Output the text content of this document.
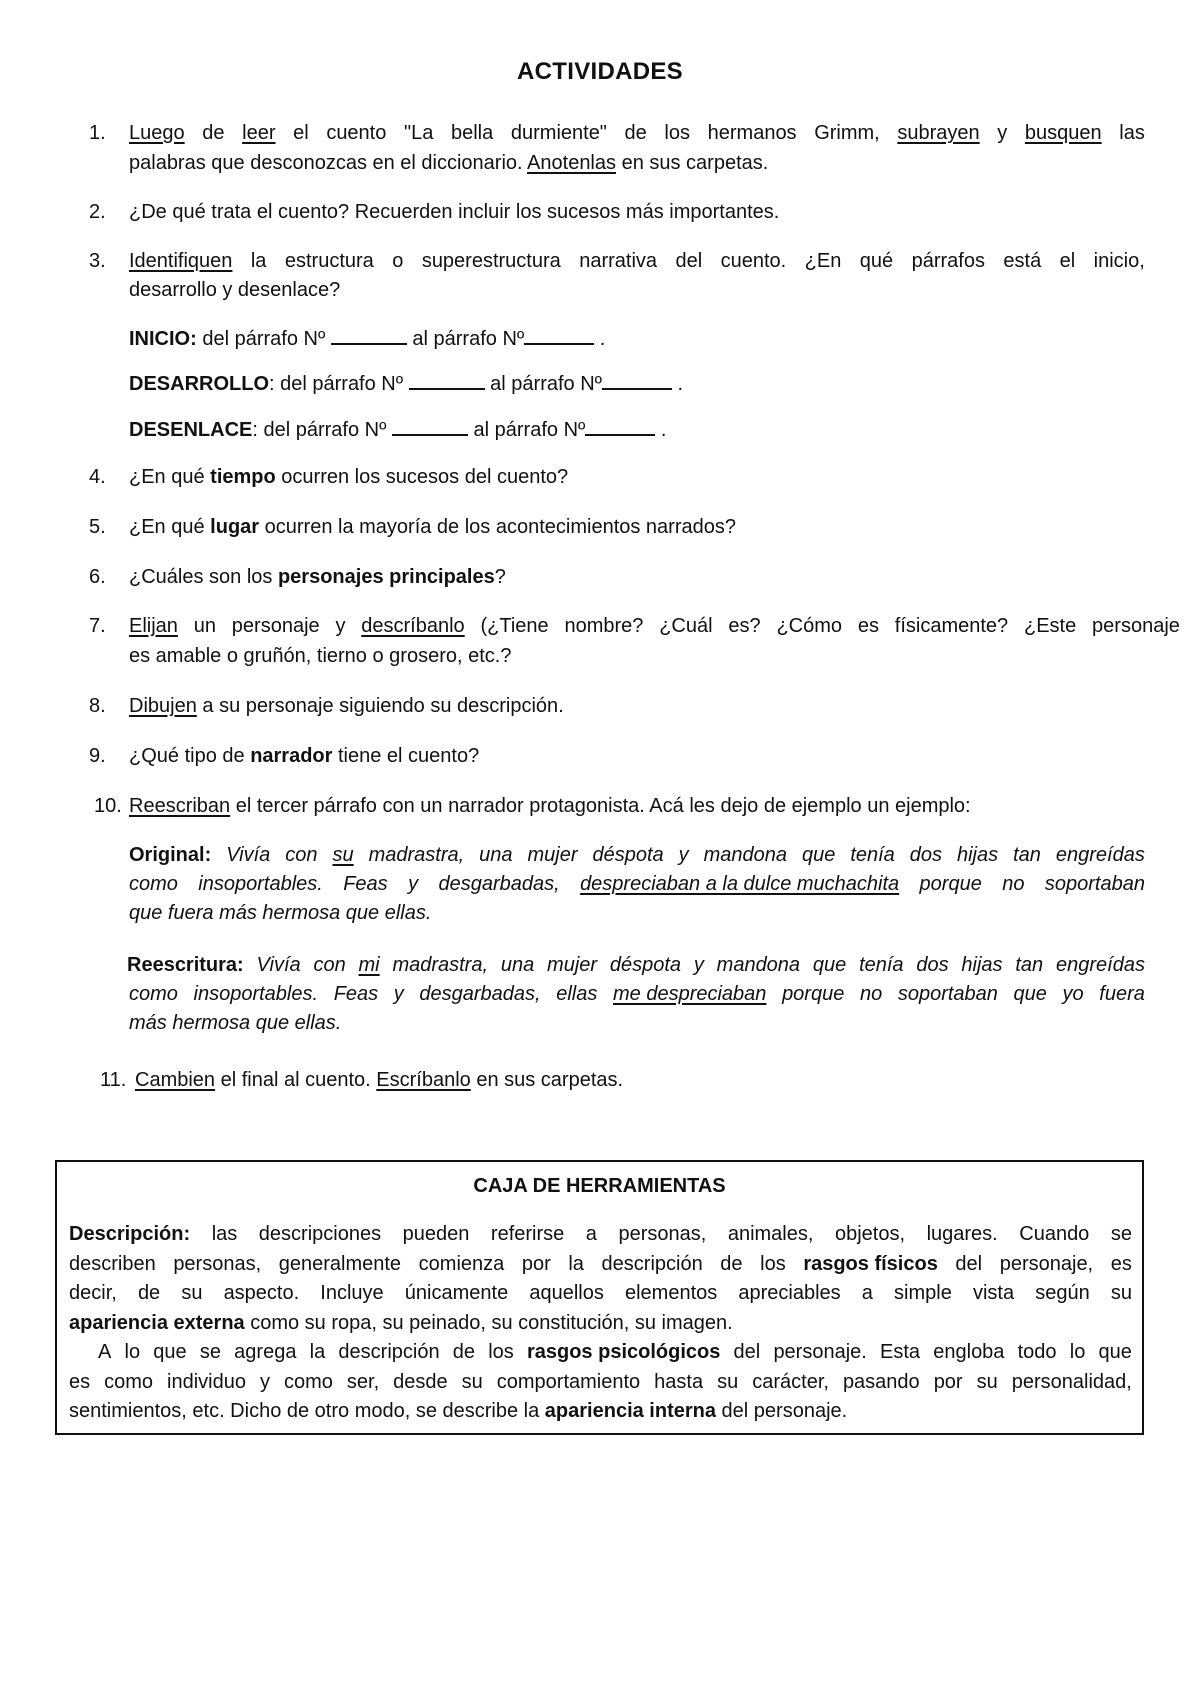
ACTIVIDADES
1.	Luego de leer el cuento "La bella durmiente" de los hermanos Grimm, subrayen y busquen las
palabras que desconozcas en el diccionario. Anotenlas en sus carpetas.
2.	¿De qué trata el cuento? Recuerden incluir los sucesos más importantes.
3.	Identifiquen la estructura o superestructura narrativa del cuento. ¿En qué párrafos está el inicio,
desarrollo y desenlace?
INICIO: del párrafo Nº	al párrafo Nº	.
DESARROLLO: del párrafo Nº	al párrafo Nº	.
DESENLACE: del párrafo Nº	al párrafo Nº	.
4.	¿En qué tiempo ocurren los sucesos del cuento?
5.	¿En qué lugar ocurren la mayoría de los acontecimientos narrados?
6.	¿Cuáles son los personajes principales?
7.	Elijan un personaje y descríbanlo (¿Tiene nombre? ¿Cuál es? ¿Cómo es físicamente? ¿Este personaje
es amable o gruñón, tierno o grosero, etc.?
8.	Dibujen a su personaje siguiendo su descripción.
9.	¿Qué tipo de narrador tiene el cuento?
10. Reescriban el tercer párrafo con un narrador protagonista. Acá les dejo de ejemplo un ejemplo:
Original: Vivía con su madrastra, una mujer déspota y mandona que tenía dos hijas tan engreídas
como insoportables. Feas y desgarbadas, despreciaban a la dulce muchachita porque no soportaban
que fuera más hermosa que ellas.
Reescritura: Vivía con mi madrastra, una mujer déspota y mandona que tenía dos hijas tan engreídas
como insoportables. Feas y desgarbadas, ellas me despreciaban porque no soportaban que yo fuera
más hermosa que ellas.
11. Cambien el final al cuento. Escríbanlo en sus carpetas.
CAJA DE HERRAMIENTAS
Descripción: las descripciones pueden referirse a personas, animales, objetos, lugares. Cuando se
describen personas, generalmente comienza por la descripción de los rasgos físicos del personaje, es
decir, de su aspecto. Incluye únicamente aquellos elementos apreciables a simple vista según su
apariencia externa como su ropa, su peinado, su constitución, su imagen.
A lo que se agrega la descripción de los rasgos psicológicos del personaje. Esta engloba todo lo que
es como individuo y como ser, desde su comportamiento hasta su carácter, pasando por su personalidad,
sentimientos, etc. Dicho de otro modo, se describe la apariencia interna del personaje.
